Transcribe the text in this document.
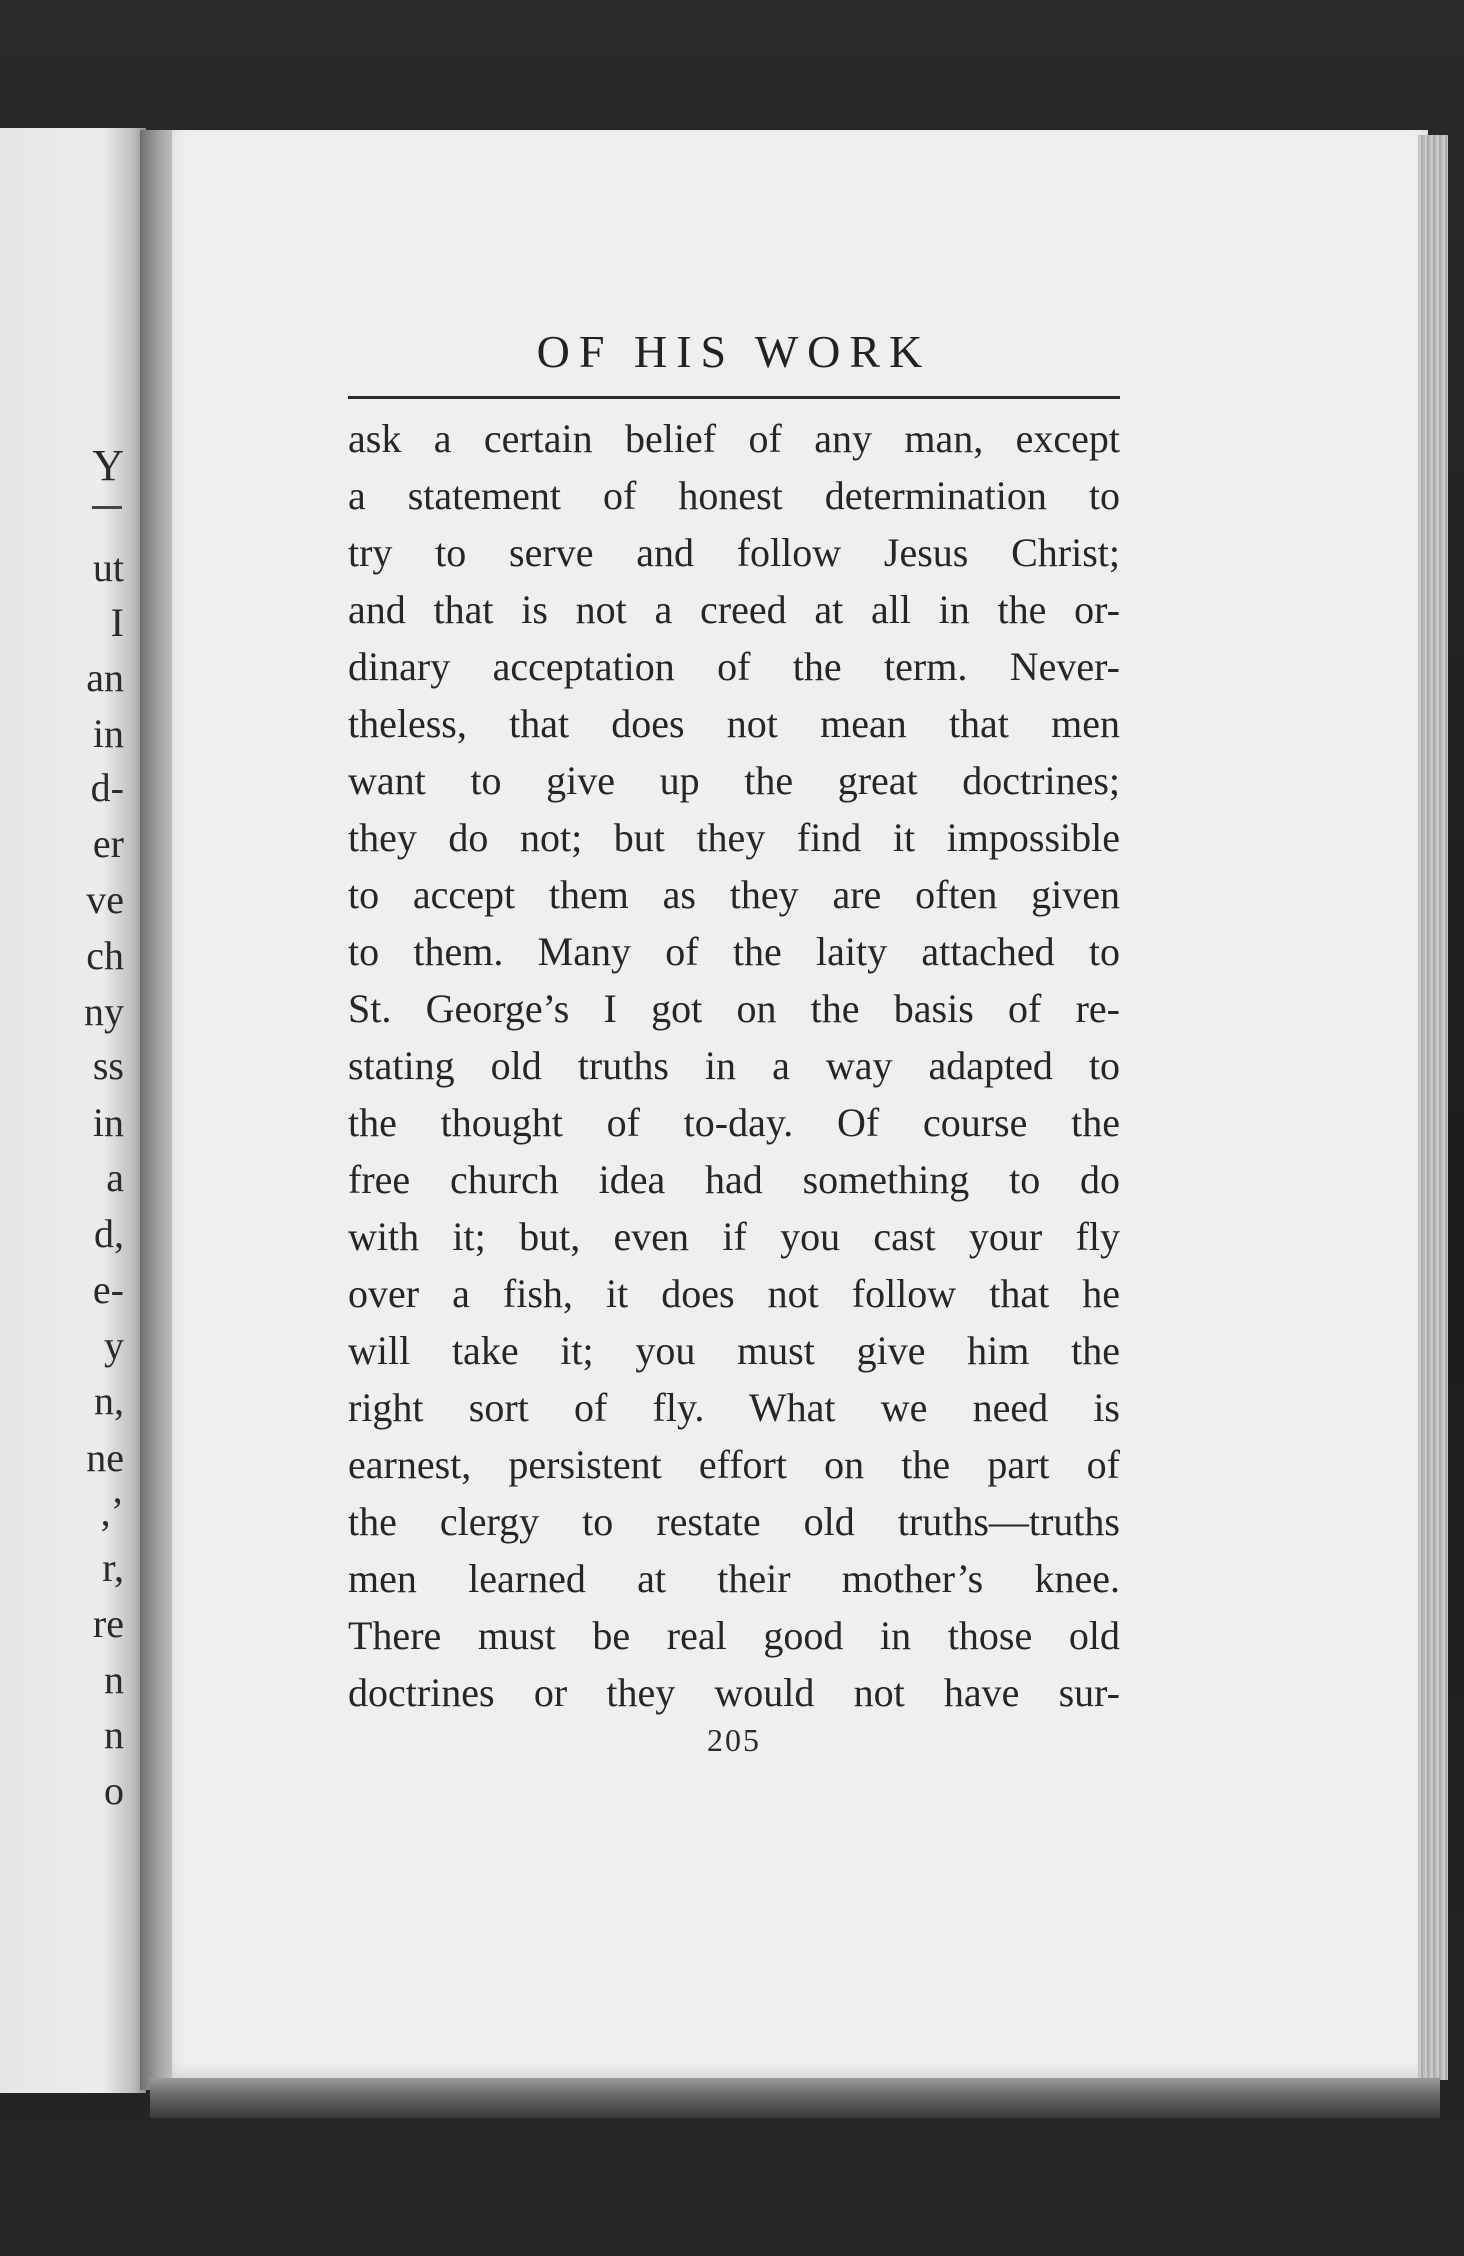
Y
ut
I
an
in
d-
er
ve
ch
ny
ss
in
a
d,
e-
y
n,
ne
,’
r,
re
n
n
o
OF HIS WORK
ask a certain belief of any man, except
a statement of honest determination to
try to serve and follow Jesus Christ;
and that is not a creed at all in the or-
dinary acceptation of the term. Never-
theless, that does not mean that men
want to give up the great doctrines;
they do not; but they find it impossible
to accept them as they are often given
to them. Many of the laity attached to
St. George’s I got on the basis of re-
stating old truths in a way adapted to
the thought of to-day. Of course the
free church idea had something to do
with it; but, even if you cast your fly
over a fish, it does not follow that he
will take it; you must give him the
right sort of fly. What we need is
earnest, persistent effort on the part of
the clergy to restate old truths—truths
men learned at their mother’s knee.
There must be real good in those old
doctrines or they would not have sur-
205
